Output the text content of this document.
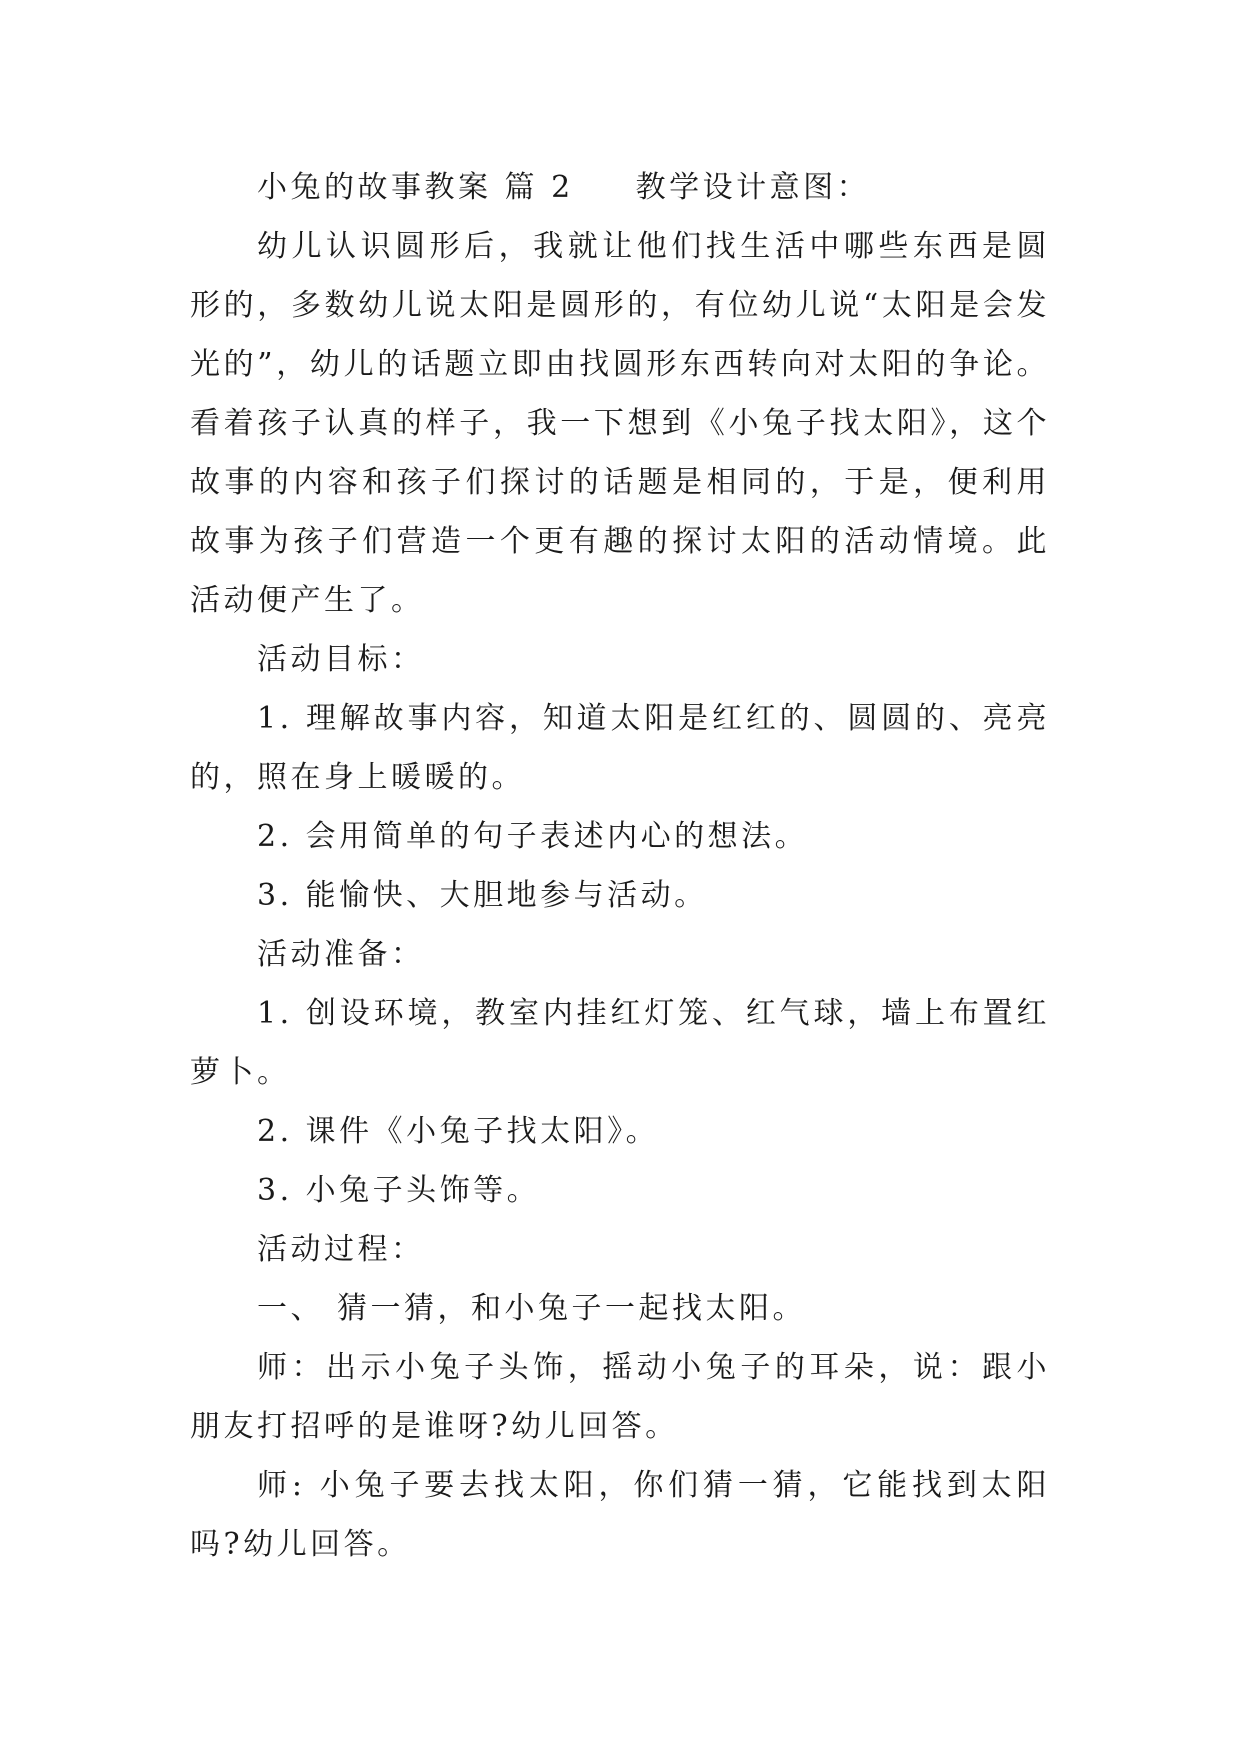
小兔的故事教案 篇 2 教学设计意图：

幼儿认识圆形后，我就让他们找生活中哪些东西是圆形的，多数幼儿说太阳是圆形的，有位幼儿说“太阳是会发光的”，幼儿的话题立即由找圆形东西转向对太阳的争论。看着孩子认真的样子，我一下想到《小兔子找太阳》，这个故事的内容和孩子们探讨的话题是相同的，于是，便利用故事为孩子们营造一个更有趣的探讨太阳的活动情境。此活动便产生了。

活动目标：

1. 理解故事内容，知道太阳是红红的、圆圆的、亮亮的，照在身上暖暖的。

2. 会用简单的句子表述内心的想法。

3. 能愉快、大胆地参与活动。

活动准备：

1. 创设环境，教室内挂红灯笼、红气球，墙上布置红萝卜。

2. 课件《小兔子找太阳》。

3. 小兔子头饰等。

活动过程：

一、 猜一猜，和小兔子一起找太阳。

师：出示小兔子头饰，摇动小兔子的耳朵，说：跟小朋友打招呼的是谁呀?幼儿回答。

师: 小兔子要去找太阳，你们猜一猜，它能找到太阳吗?幼儿回答。
